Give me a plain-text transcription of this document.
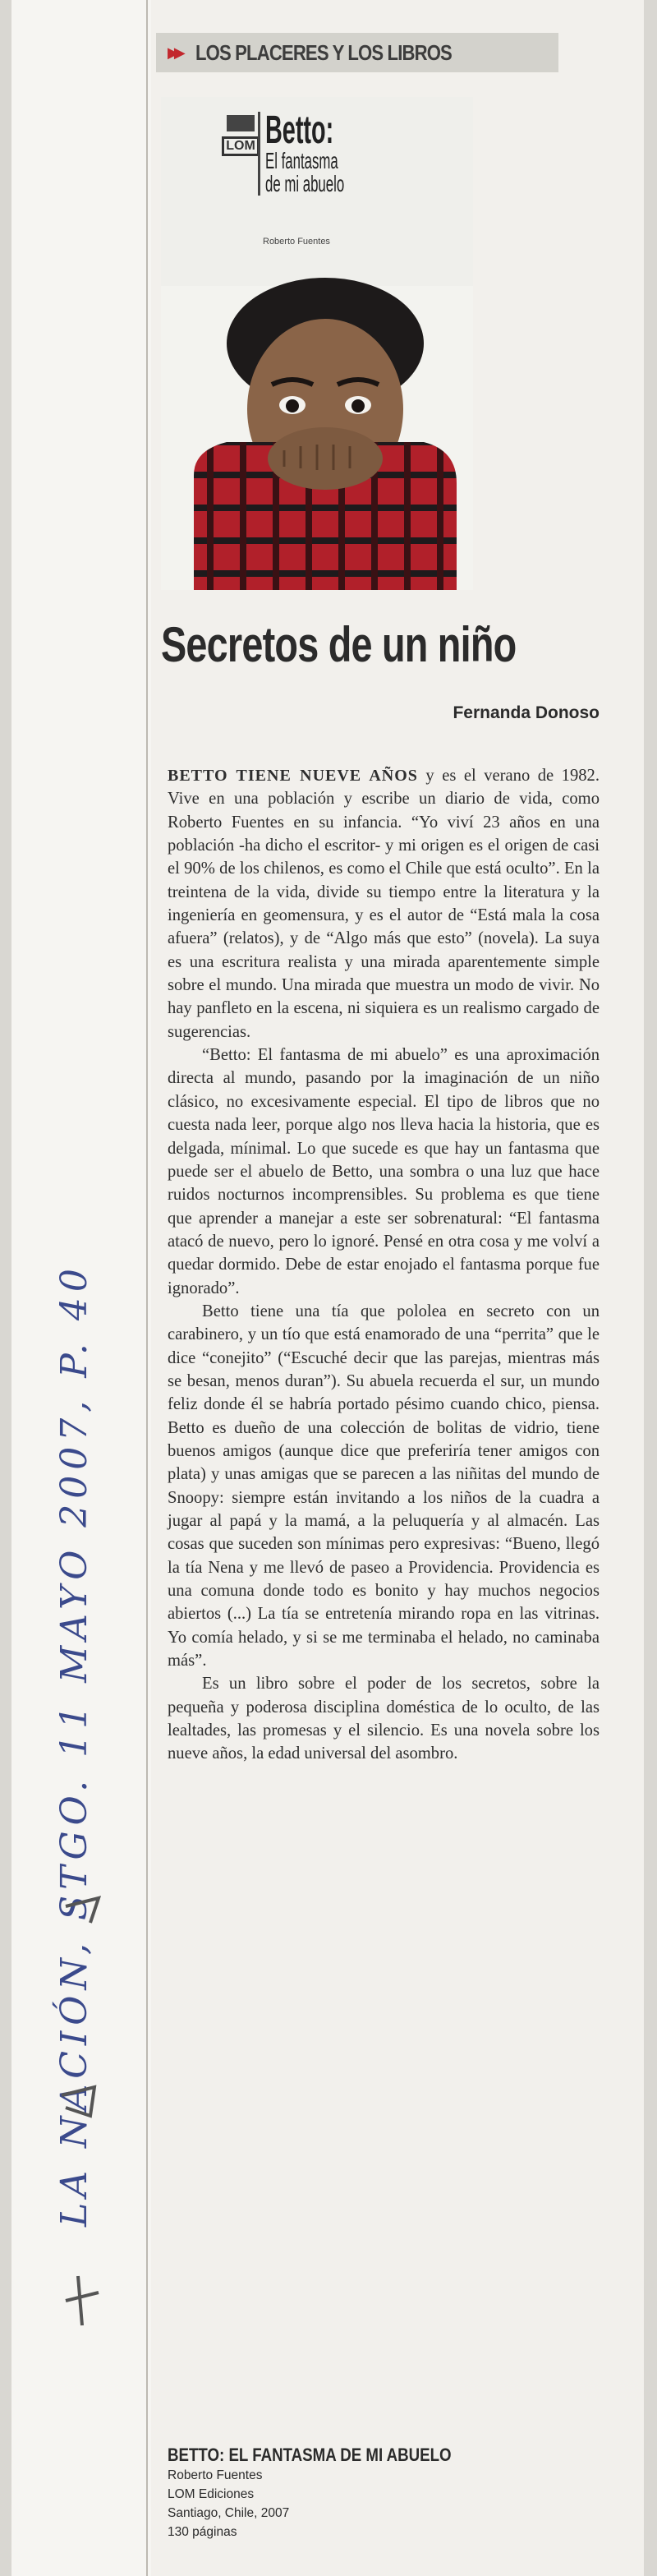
▶▶ LOS PLACERES Y LOS LIBROS
LOM Betto:
El fantasma
de mi abuelo
Roberto Fuentes
Secretos de un niño
Fernanda Donoso

BETTO TIENE NUEVE AÑOS y es el verano de 1982. Vive en una población y escribe un diario de vida, como Roberto Fuentes en su infancia. “Yo viví 23 años en una población -ha dicho el escritor- y mi origen es el origen de casi el 90% de los chilenos, es como el Chile que está oculto”. En la treintena de la vida, divide su tiempo entre la literatura y la ingeniería en geomensura, y es el autor de “Está mala la cosa afuera” (relatos), y de “Algo más que esto” (novela). La suya es una escritura realista y una mirada aparentemente simple sobre el mundo. Una mirada que muestra un modo de vivir. No hay panfleto en la escena, ni siquiera es un realismo cargado de sugerencias.

“Betto: El fantasma de mi abuelo” es una aproximación directa al mundo, pasando por la imaginación de un niño clásico, no excesivamente especial. El tipo de libros que no cuesta nada leer, porque algo nos lleva hacia la historia, que es delgada, mínimal. Lo que sucede es que hay un fantasma que puede ser el abuelo de Betto, una sombra o una luz que hace ruidos nocturnos incomprensibles. Su problema es que tiene que aprender a manejar a este ser sobrenatural: “El fantasma atacó de nuevo, pero lo ignoré. Pensé en otra cosa y me volví a quedar dormido. Debe de estar enojado el fantasma porque fue ignorado”.

Betto tiene una tía que pololea en secreto con un carabinero, y un tío que está enamorado de una “perrita” que le dice “conejito” (“Escuché decir que las parejas, mientras más se besan, menos duran”). Su abuela recuerda el sur, un mundo feliz donde él se habría portado pésimo cuando chico, piensa. Betto es dueño de una colección de bolitas de vidrio, tiene buenos amigos (aunque dice que preferiría tener amigos con plata) y unas amigas que se parecen a las niñitas del mundo de Snoopy: siempre están invitando a los niños de la cuadra a jugar al papá y la mamá, a la peluquería y al almacén. Las cosas que suceden son mínimas pero expresivas: “Bueno, llegó la tía Nena y me llevó de paseo a Providencia. Providencia es una comuna donde todo es bonito y hay muchos negocios abiertos (...) La tía se entretenía mirando ropa en las vitrinas. Yo comía helado, y si se me terminaba el helado, no caminaba más”.

Es un libro sobre el poder de los secretos, sobre la pequeña y poderosa disciplina doméstica de lo oculto, de las lealtades, las promesas y el silencio. Es una novela sobre los nueve años, la edad universal del asombro.

BETTO: EL FANTASMA DE MI ABUELO
Roberto Fuentes
LOM Ediciones
Santiago, Chile, 2007
130 páginas
LA NACIÓN, STGO. 11 MAYO 2007, P. 40
